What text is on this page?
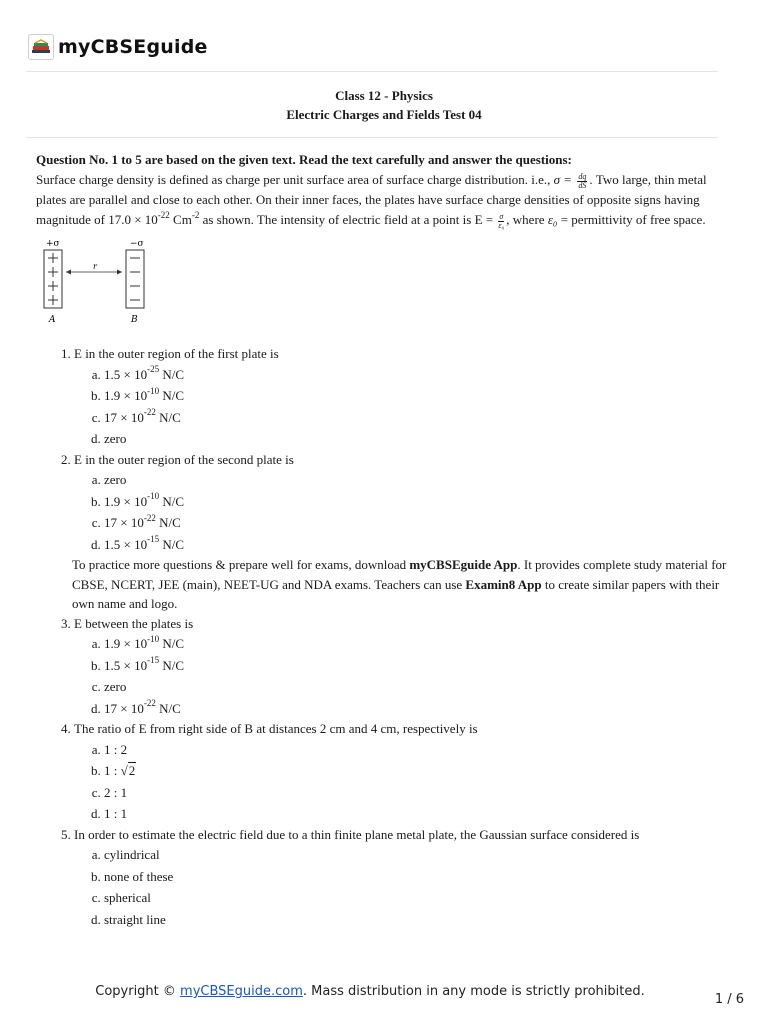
myCBSEguide
Class 12 - Physics
Electric Charges and Fields Test 04
Question No. 1 to 5 are based on the given text. Read the text carefully and answer the questions:

Surface charge density is defined as charge per unit surface area of surface charge distribution. i.e., $\sigma = \frac{dq}{dS}$ . Two large, thin metal plates are parallel and close to each other. On their inner faces, the plates have surface charge densities of opposite signs having magnitude of $17.0 \times 10^{-22}$ $Cm^{-2}$ as shown. The intensity of electric field at a point is $E = \frac{\sigma}{\text{ε₀}}$ , where ε₀ = permittivity of free space.

+σ	−σ
r
A	B
1. E in the outer region of the first plate is
a. $1.5 \times 10^{-25}$ N/C
b. $1.9 \times 10^{-10}$ N/C
c. $17 \times 10^{-22}$ N/C
d. zero
2. E in the outer region of the second plate is
a. zero
b. $1.9 \times 10^{-10}$ N/C
c. $17 \times 10^{-22}$ N/C
d. $1.5 \times 10^{-15}$ N/C
To practice more questions & prepare well for exams, download myCBSEguide App. It provides complete study material for CBSE, NCERT, JEE (main), NEET-UG and NDA exams. Teachers can use Examin8 App to create similar papers with their own name and logo.
3. E between the plates is
a. $1.9 \times 10^{-10}$ N/C
b. $1.5 \times 10^{-15}$ N/C
c. zero
d. $17 \times 10^{-22}$ N/C
4. The ratio of E from right side of B at distances 2 cm and 4 cm, respectively is
a. 1 : 2
b. 1 : √2
c. 2 : 1
d. 1 : 1
5. In order to estimate the electric field due to a thin finite plane metal plate, the Gaussian surface considered is
a. cylindrical
b. none of these
c. spherical
d. straight line
Copyright © myCBSEguide.com. Mass distribution in any mode is strictly prohibited.
1 / 6
